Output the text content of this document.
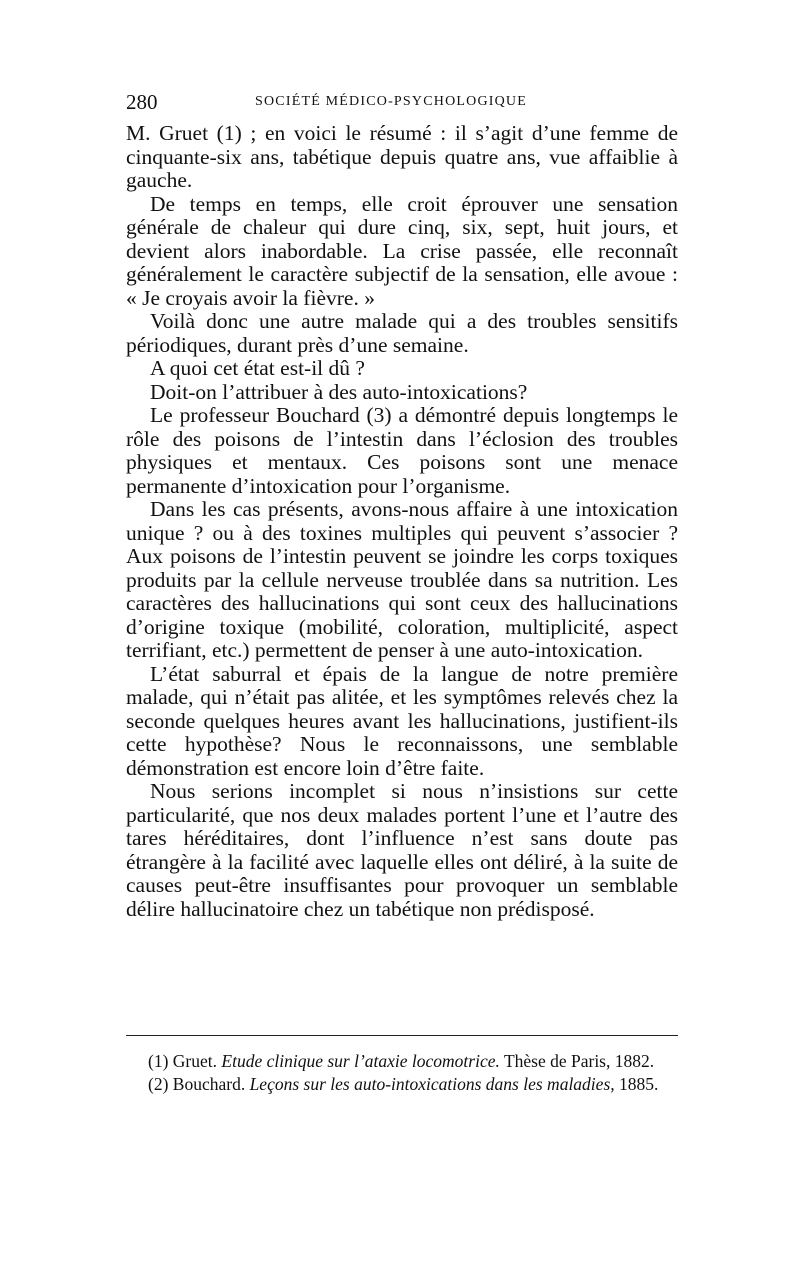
280	SOCIÉTÉ MÉDICO-PSYCHOLOGIQUE

M. Gruet (1) ; en voici le résumé : il s’agit d’une femme de cinquante-six ans, tabétique depuis quatre ans, vue affaiblie à gauche.

De temps en temps, elle croit éprouver une sensation générale de chaleur qui dure cinq, six, sept, huit jours, et devient alors inabordable. La crise passée, elle reconnaît généralement le caractère subjectif de la sensation, elle avoue : « Je croyais avoir la fièvre. »

Voilà donc une autre malade qui a des troubles sensitifs périodiques, durant près d’une semaine.

A quoi cet état est-il dû ?

Doit-on l’attribuer à des auto-intoxications?

Le professeur Bouchard (3) a démontré depuis longtemps le rôle des poisons de l’intestin dans l’éclosion des troubles physiques et mentaux. Ces poisons sont une menace permanente d’intoxication pour l’organisme.

Dans les cas présents, avons-nous affaire à une intoxication unique ? ou à des toxines multiples qui peuvent s’associer ? Aux poisons de l’intestin peuvent se joindre les corps toxiques produits par la cellule nerveuse troublée dans sa nutrition. Les caractères des hallucinations qui sont ceux des hallucinations d’origine toxique (mobilité, coloration, multiplicité, aspect terrifiant, etc.) permettent de penser à une auto-intoxication.

L’état saburral et épais de la langue de notre première malade, qui n’était pas alitée, et les symptômes relevés chez la seconde quelques heures avant les hallucinations, justifient-ils cette hypothèse? Nous le reconnaissons, une semblable démonstration est encore loin d’être faite.

Nous serions incomplet si nous n’insistions sur cette particularité, que nos deux malades portent l’une et l’autre des tares héréditaires, dont l’influence n’est sans doute pas étrangère à la facilité avec laquelle elles ont déliré, à la suite de causes peut-être insuffisantes pour provoquer un semblable délire hallucinatoire chez un tabétique non prédisposé.

(1) Gruet. Etude clinique sur l’ataxie locomotrice. Thèse de Paris, 1882.

(2) Bouchard. Leçons sur les auto-intoxications dans les maladies, 1885.
